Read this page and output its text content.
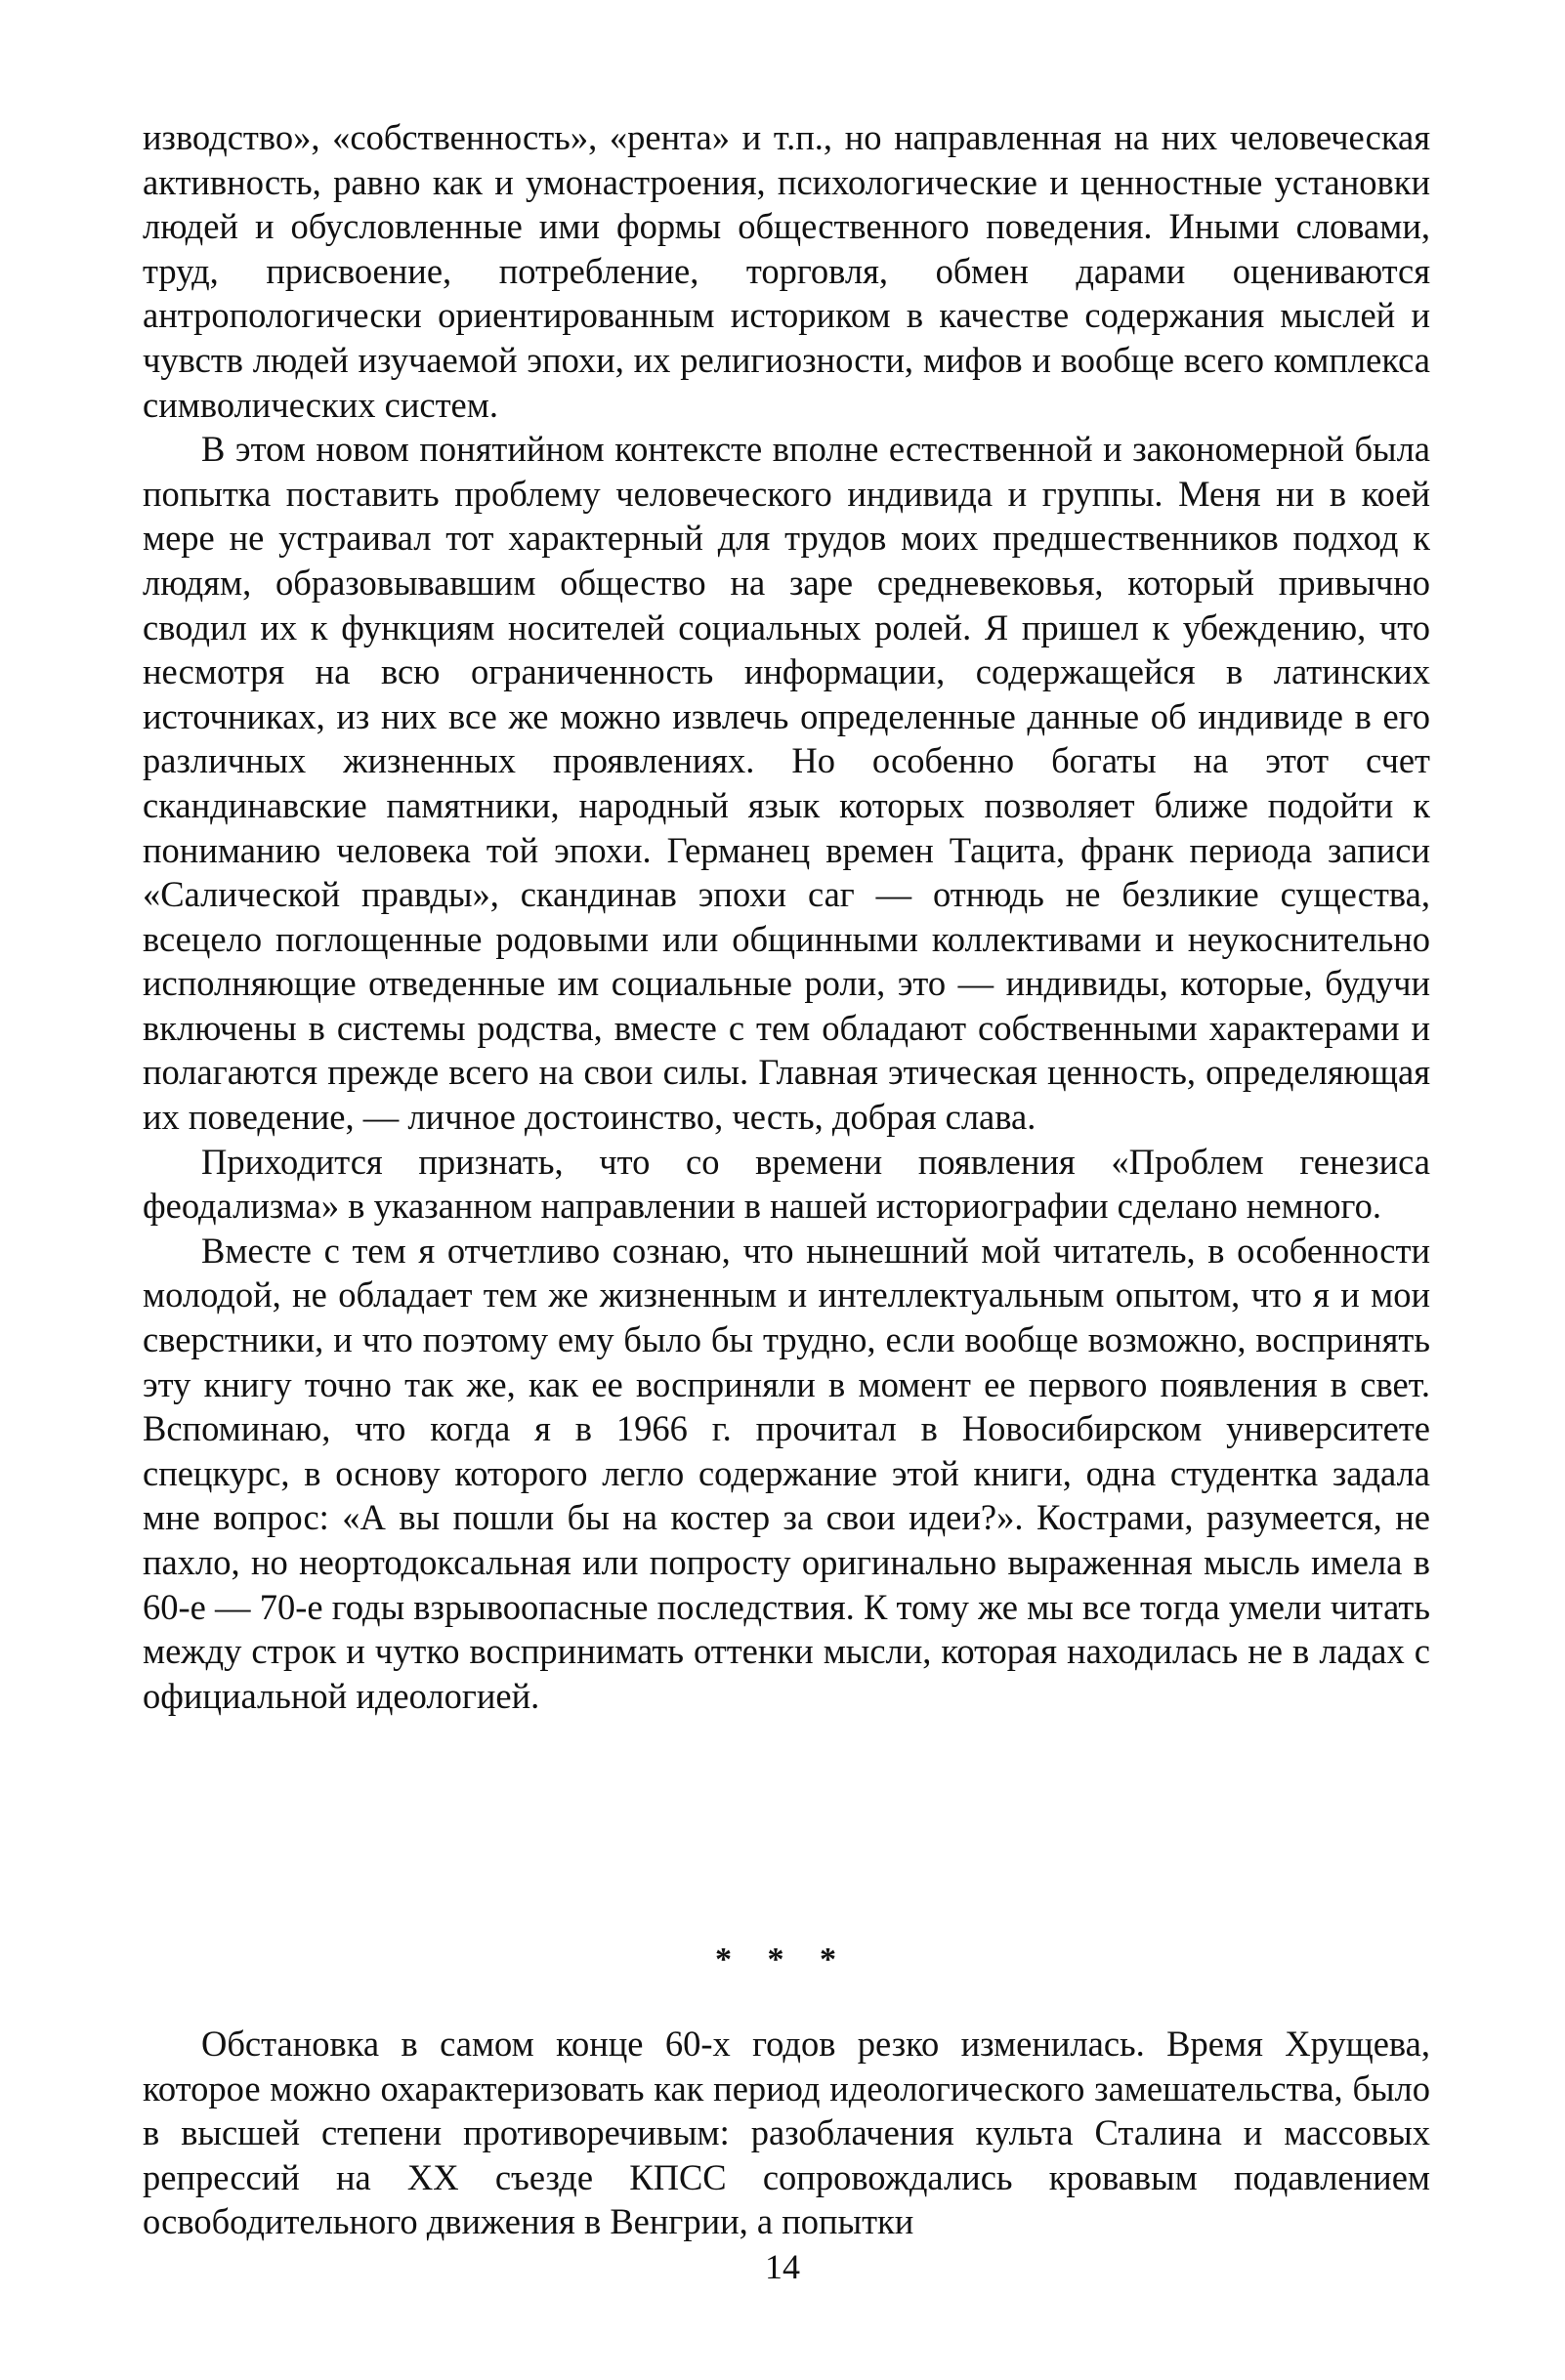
изводство», «собственность», «рента» и т.п., но направленная на них человеческая активность, равно как и умонастроения, психологические и ценностные установки людей и обусловленные ими формы общественного поведения. Иными словами, труд, присвоение, потребление, торговля, обмен дарами оцениваются антропологически ориентированным историком в качестве содержания мыслей и чувств людей изучаемой эпохи, их религиозности, мифов и вообще всего комплекса символических систем.

В этом новом понятийном контексте вполне естественной и закономерной была попытка поставить проблему человеческого индивида и группы. Меня ни в коей мере не устраивал тот характерный для трудов моих предшественников подход к людям, образовывавшим общество на заре средневековья, который привычно сводил их к функциям носителей социальных ролей. Я пришел к убеждению, что несмотря на всю ограниченность информации, содержащейся в латинских источниках, из них все же можно извлечь определенные данные об индивиде в его различных жизненных проявлениях. Но особенно богаты на этот счет скандинавские памятники, народный язык которых позволяет ближе подойти к пониманию человека той эпохи. Германец времен Тацита, франк периода записи «Салической правды», скандинав эпохи саг — отнюдь не безликие существа, всецело поглощенные родовыми или общинными коллективами и неукоснительно исполняющие отведенные им социальные роли, это — индивиды, которые, будучи включены в системы родства, вместе с тем обладают собственными характерами и полагаются прежде всего на свои силы. Главная этическая ценность, определяющая их поведение, — личное достоинство, честь, добрая слава.

Приходится признать, что со времени появления «Проблем генезиса феодализма» в указанном направлении в нашей историографии сделано немного.

Вместе с тем я отчетливо сознаю, что нынешний мой читатель, в особенности молодой, не обладает тем же жизненным и интеллектуальным опытом, что я и мои сверстники, и что поэтому ему было бы трудно, если вообще возможно, воспринять эту книгу точно так же, как ее восприняли в момент ее первого появления в свет. Вспоминаю, что когда я в 1966 г. прочитал в Новосибирском университете спецкурс, в основу которого легло содержание этой книги, одна студентка задала мне вопрос: «А вы пошли бы на костер за свои идеи?». Кострами, разумеется, не пахло, но неортодоксальная или попросту оригинально выраженная мысль имела в 60-е — 70-е годы взрывоопасные последствия. К тому же мы все тогда умели читать между строк и чутко воспринимать оттенки мысли, которая находилась не в ладах с официальной идеологией.

* * *

Обстановка в самом конце 60-х годов резко изменилась. Время Хрущева, которое можно охарактеризовать как период идеологического замешательства, было в высшей степени противоречивым: разоблачения культа Сталина и массовых репрессий на XX съезде КПСС сопровождались кровавым подавлением освободительного движения в Венгрии, а попытки

14
